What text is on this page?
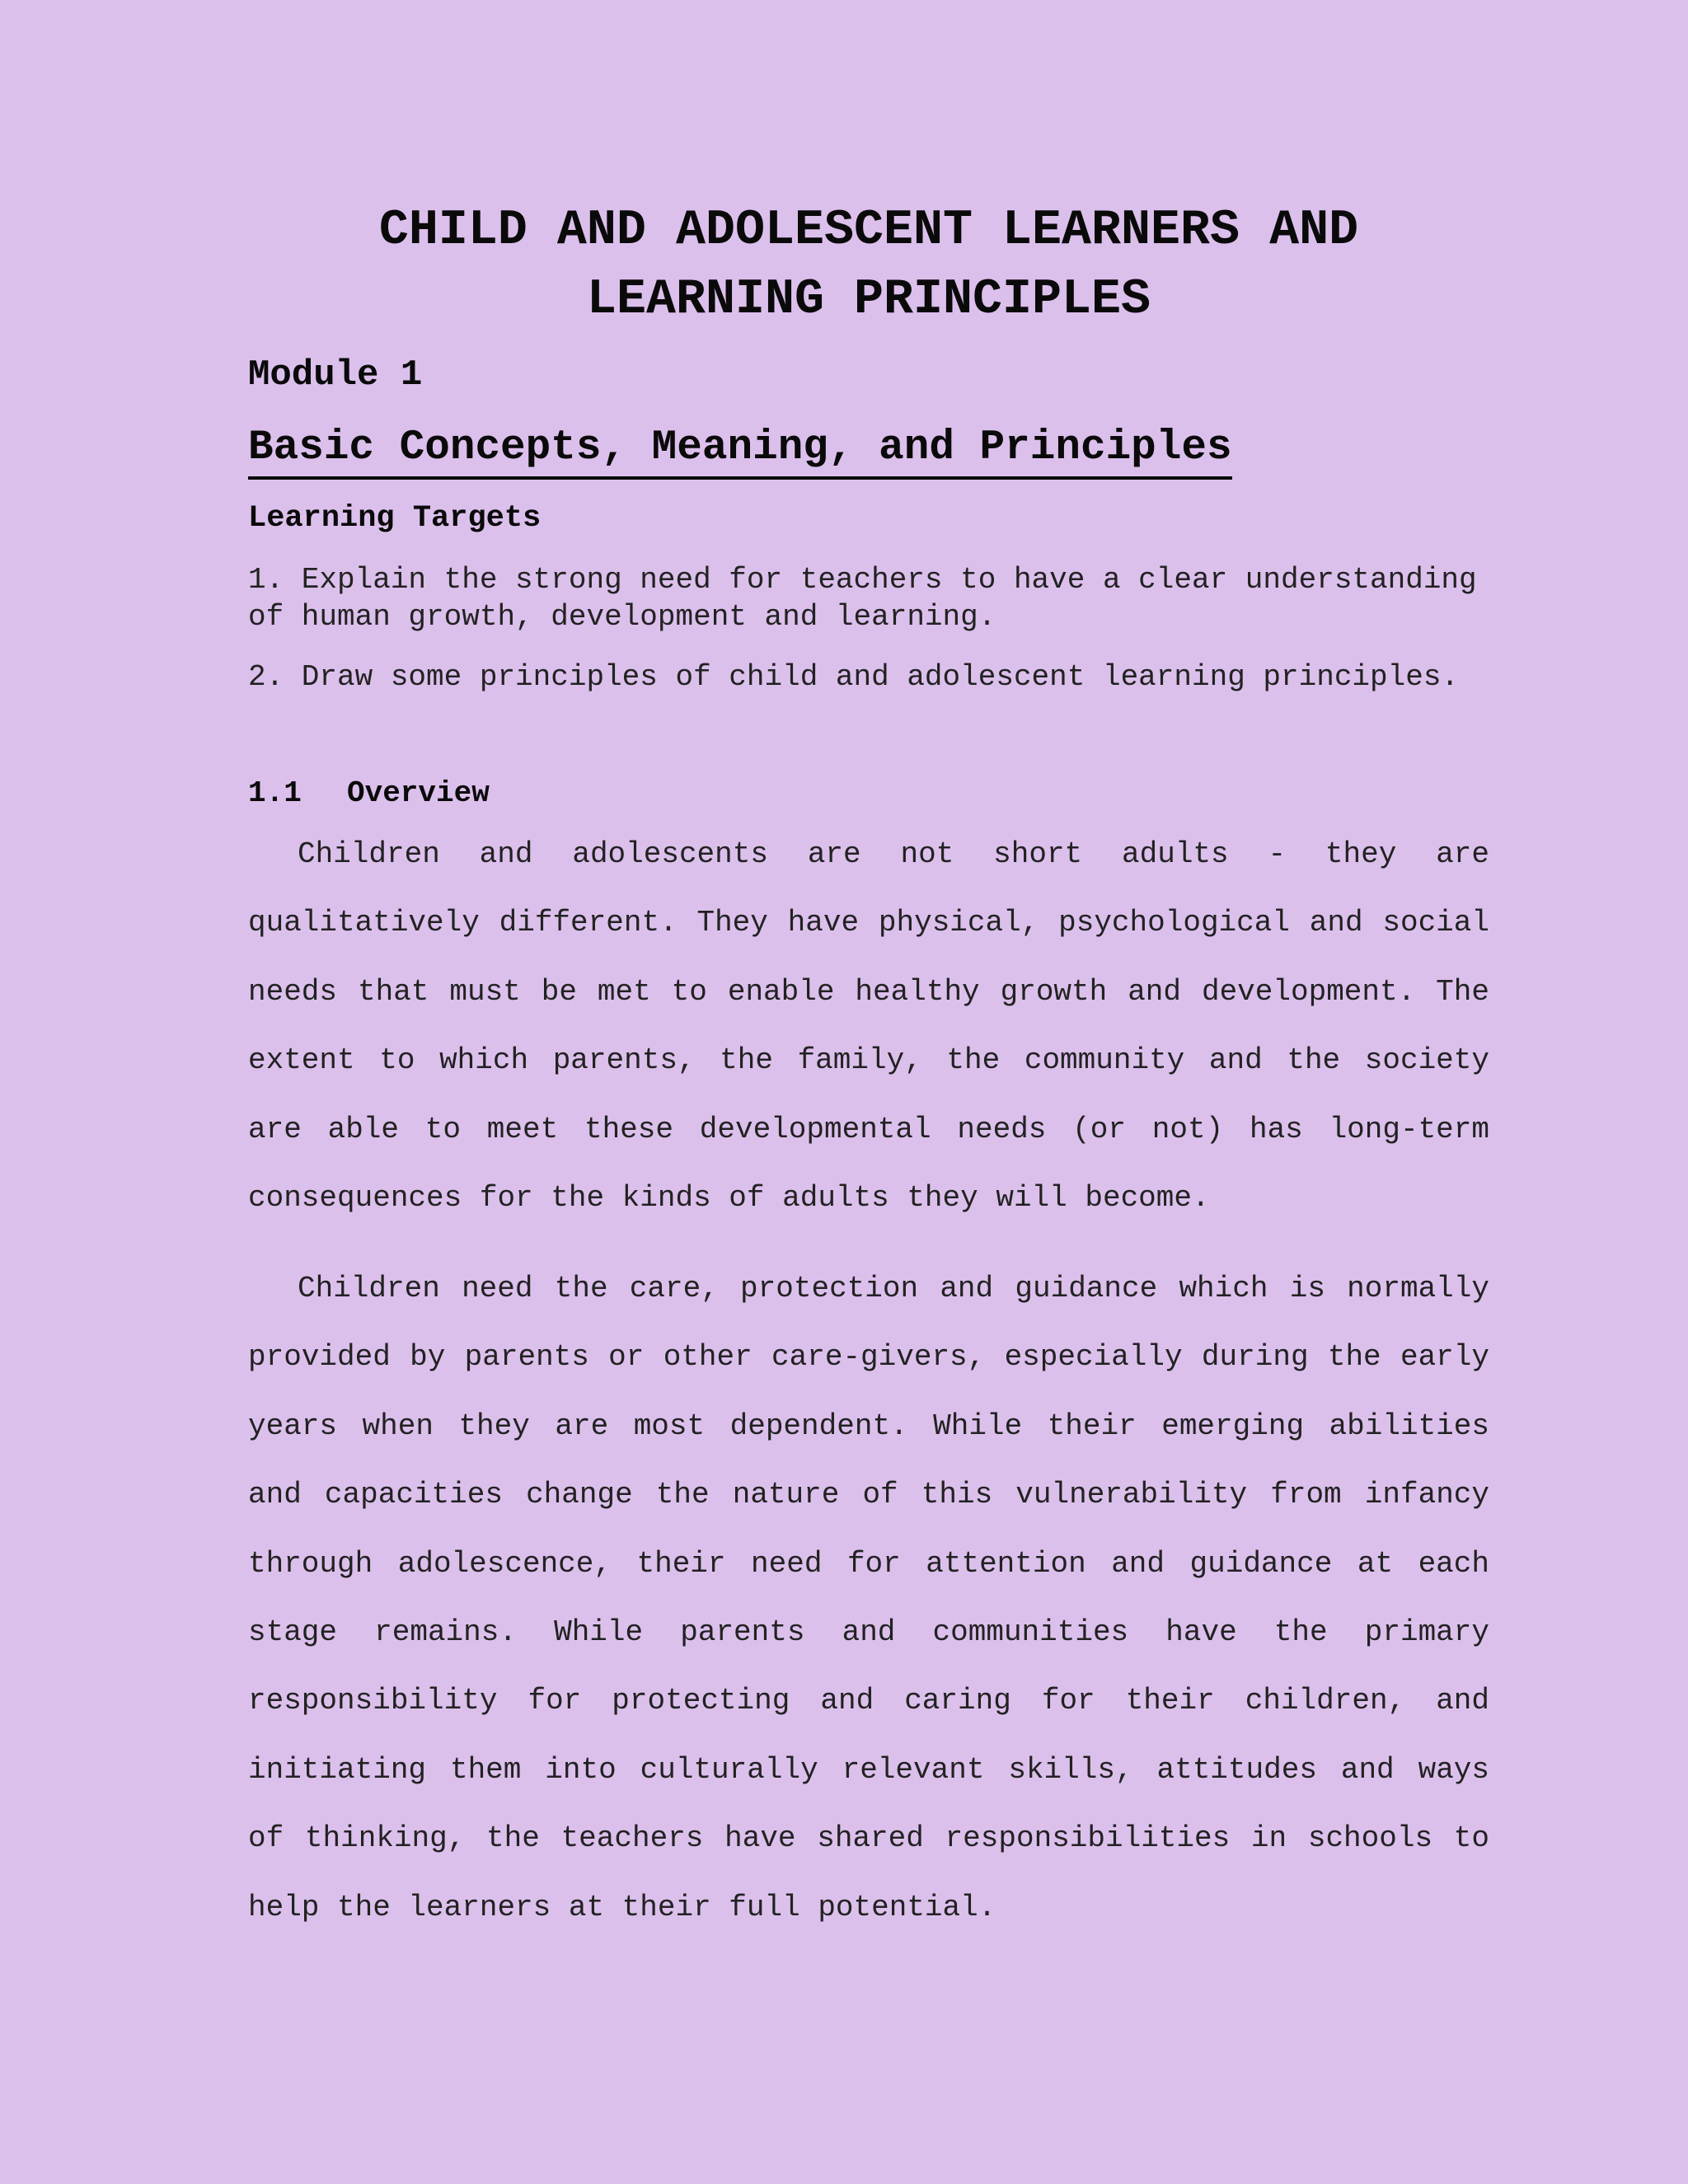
CHILD AND ADOLESCENT LEARNERS AND LEARNING PRINCIPLES
Module 1
Basic Concepts, Meaning, and Principles
Learning Targets

1. Explain the strong need for teachers to have a clear understanding of human growth, development and learning.

2. Draw some principles of child and adolescent learning principles.

1.1 Overview

Children and adolescents are not short adults - they are qualitatively different. They have physical, psychological and social needs that must be met to enable healthy growth and development. The extent to which parents, the family, the community and the society are able to meet these developmental needs (or not) has long-term consequences for the kinds of adults they will become.

Children need the care, protection and guidance which is normally provided by parents or other care-givers, especially during the early years when they are most dependent. While their emerging abilities and capacities change the nature of this vulnerability from infancy through adolescence, their need for attention and guidance at each stage remains. While parents and communities have the primary responsibility for protecting and caring for their children, and initiating them into culturally relevant skills, attitudes and ways of thinking, the teachers have shared responsibilities in schools to help the learners at their full potential.
